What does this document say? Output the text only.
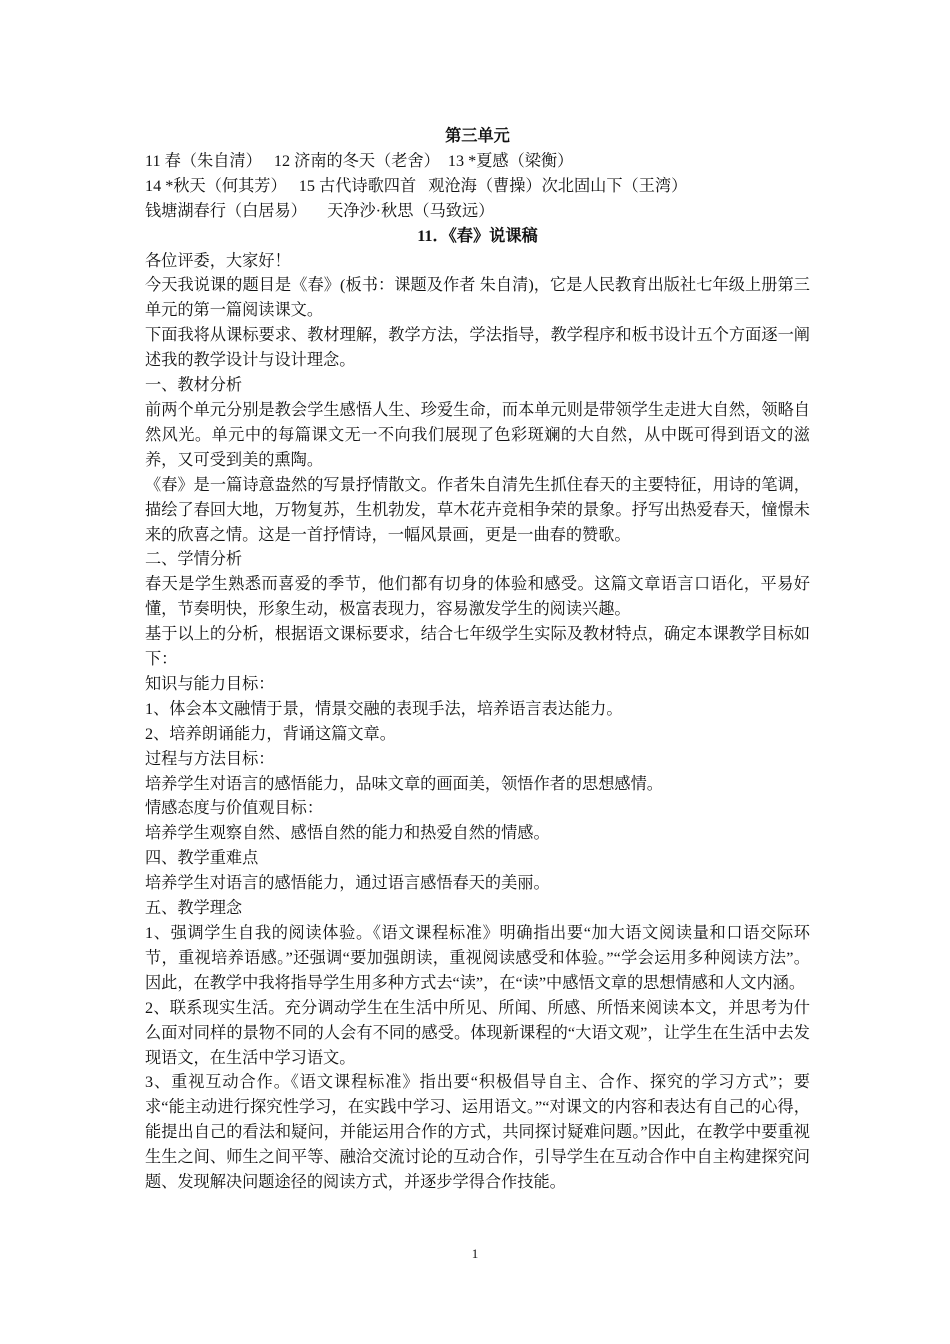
第三单元
11 春（朱自清）   12 济南的冬天（老舍）  13 *夏感（梁衡）
14 *秋天（何其芳）   15 古代诗歌四首   观沧海（曹操）次北固山下（王湾）
钱塘湖春行（白居易）     天净沙·秋思（马致远）
11．《春》说课稿

各位评委，大家好！

今天我说课的题目是《春》(板书：课题及作者 朱自清)，它是人民教育出版社七年级上册第三单元的第一篇阅读课文。

下面我将从课标要求、教材理解，教学方法，学法指导，教学程序和板书设计五个方面逐一阐述我的教学设计与设计理念。

一、教材分析

前两个单元分别是教会学生感悟人生、珍爱生命，而本单元则是带领学生走进大自然，领略自然风光。单元中的每篇课文无一不向我们展现了色彩斑斓的大自然，从中既可得到语文的滋养，又可受到美的熏陶。

《春》是一篇诗意盎然的写景抒情散文。作者朱自清先生抓住春天的主要特征，用诗的笔调，描绘了春回大地，万物复苏，生机勃发，草木花卉竞相争荣的景象。抒写出热爱春天，憧憬未来的欣喜之情。这是一首抒情诗，一幅风景画，更是一曲春的赞歌。

二、学情分析

春天是学生熟悉而喜爱的季节，他们都有切身的体验和感受。这篇文章语言口语化，平易好懂，节奏明快，形象生动，极富表现力，容易激发学生的阅读兴趣。

基于以上的分析，根据语文课标要求，结合七年级学生实际及教材特点，确定本课教学目标如下：

知识与能力目标：

1、体会本文融情于景，情景交融的表现手法，培养语言表达能力。

2、培养朗诵能力，背诵这篇文章。

过程与方法目标：

培养学生对语言的感悟能力，品味文章的画面美，领悟作者的思想感情。

情感态度与价值观目标：

培养学生观察自然、感悟自然的能力和热爱自然的情感。

四、教学重难点

培养学生对语言的感悟能力，通过语言感悟春天的美丽。

五、教学理念

1、强调学生自我的阅读体验。《语文课程标准》明确指出要“加大语文阅读量和口语交际环节，重视培养语感。”还强调“要加强朗读，重视阅读感受和体验。”“学会运用多种阅读方法”。因此，在教学中我将指导学生用多种方式去“读”，在“读”中感悟文章的思想情感和人文内涵。

2、联系现实生活。充分调动学生在生活中所见、所闻、所感、所悟来阅读本文，并思考为什么面对同样的景物不同的人会有不同的感受。体现新课程的“大语文观”，让学生在生活中去发现语文，在生活中学习语文。

3、重视互动合作。《语文课程标准》指出要“积极倡导自主、合作、探究的学习方式”；要求“能主动进行探究性学习，在实践中学习、运用语文。”“对课文的内容和表达有自己的心得，能提出自己的看法和疑问，并能运用合作的方式，共同探讨疑难问题。”因此，在教学中要重视生生之间、师生之间平等、融洽交流讨论的互动合作，引导学生在互动合作中自主构建探究问题、发现解决问题途径的阅读方式，并逐步学得合作技能。

1
